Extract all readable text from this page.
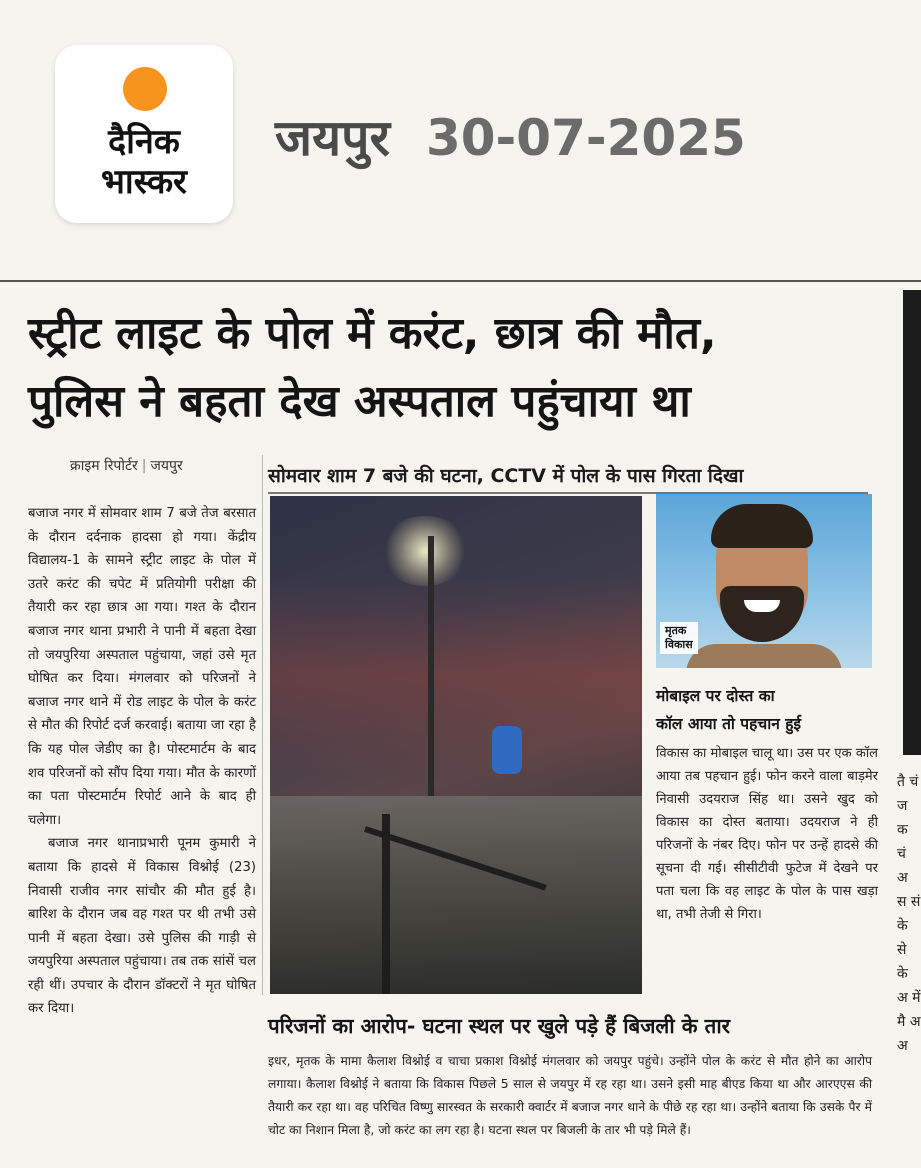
दैनिक
भास्कर
जयपुर 30-07-2025
तै चं ज क चं अ स सं के से के अ में मै अ अ
स्ट्रीट लाइट के पोल में करंट, छात्र की मौत,
पुलिस ने बहता देख अस्पताल पहुंचाया था
क्राइम रिपोर्टर | जयपुर

बजाज नगर में सोमवार शाम 7 बजे तेज बरसात के दौरान दर्दनाक हादसा हो गया। केंद्रीय विद्यालय-1 के सामने स्ट्रीट लाइट के पोल में उतरे करंट की चपेट में प्रतियोगी परीक्षा की तैयारी कर रहा छात्र आ गया। गश्त के दौरान बजाज नगर थाना प्रभारी ने पानी में बहता देखा तो जयपुरिया अस्पताल पहुंचाया, जहां उसे मृत घोषित कर दिया। मंगलवार को परिजनों ने बजाज नगर थाने में रोड लाइट के पोल के करंट से मौत की रिपोर्ट दर्ज करवाई। बताया जा रहा है कि यह पोल जेडीए का है। पोस्टमार्टम के बाद शव परिजनों को सौंप दिया गया। मौत के कारणों का पता पोस्टमार्टम रिपोर्ट आने के बाद ही चलेगा।

बजाज नगर थानाप्रभारी पूनम कुमारी ने बताया कि हादसे में विकास विश्नोई (23) निवासी राजीव नगर सांचौर की मौत हुई है। बारिश के दौरान जब वह गश्त पर थी तभी उसे पानी में बहता देखा। उसे पुलिस की गाड़ी से जयपुरिया अस्पताल पहुंचाया। तब तक सांसें चल रही थीं। उपचार के दौरान डॉक्टरों ने मृत घोषित कर दिया।

सोमवार शाम 7 बजे की घटना, CCTV में पोल के पास गिरता दिखा
मृतक
विकास
मोबाइल पर दोस्त का
कॉल आया तो पहचान हुई
विकास का मोबाइल चालू था। उस पर एक कॉल आया तब पहचान हुई। फोन करने वाला बाड़मेर निवासी उदयराज सिंह था। उसने खुद को विकास का दोस्त बताया। उदयराज ने ही परिजनों के नंबर दिए। फोन पर उन्हें हादसे की सूचना दी गई। सीसीटीवी फुटेज में देखने पर पता चला कि वह लाइट के पोल के पास खड़ा था, तभी तेजी से गिरा।
परिजनों का आरोप- घटना स्थल पर खुले पड़े हैं बिजली के तार
इधर, मृतक के मामा कैलाश विश्नोई व चाचा प्रकाश विश्नोई मंगलवार को जयपुर पहुंचे। उन्होंने पोल के करंट से मौत होने का आरोप लगाया। कैलाश विश्नोई ने बताया कि विकास पिछले 5 साल से जयपुर में रह रहा था। उसने इसी माह बीएड किया था और आरएएस की तैयारी कर रहा था। वह परिचित विष्णु सारस्वत के सरकारी क्वार्टर में बजाज नगर थाने के पीछे रह रहा था। उन्होंने बताया कि उसके पैर में चोट का निशान मिला है, जो करंट का लग रहा है। घटना स्थल पर बिजली के तार भी पड़े मिले हैं।
